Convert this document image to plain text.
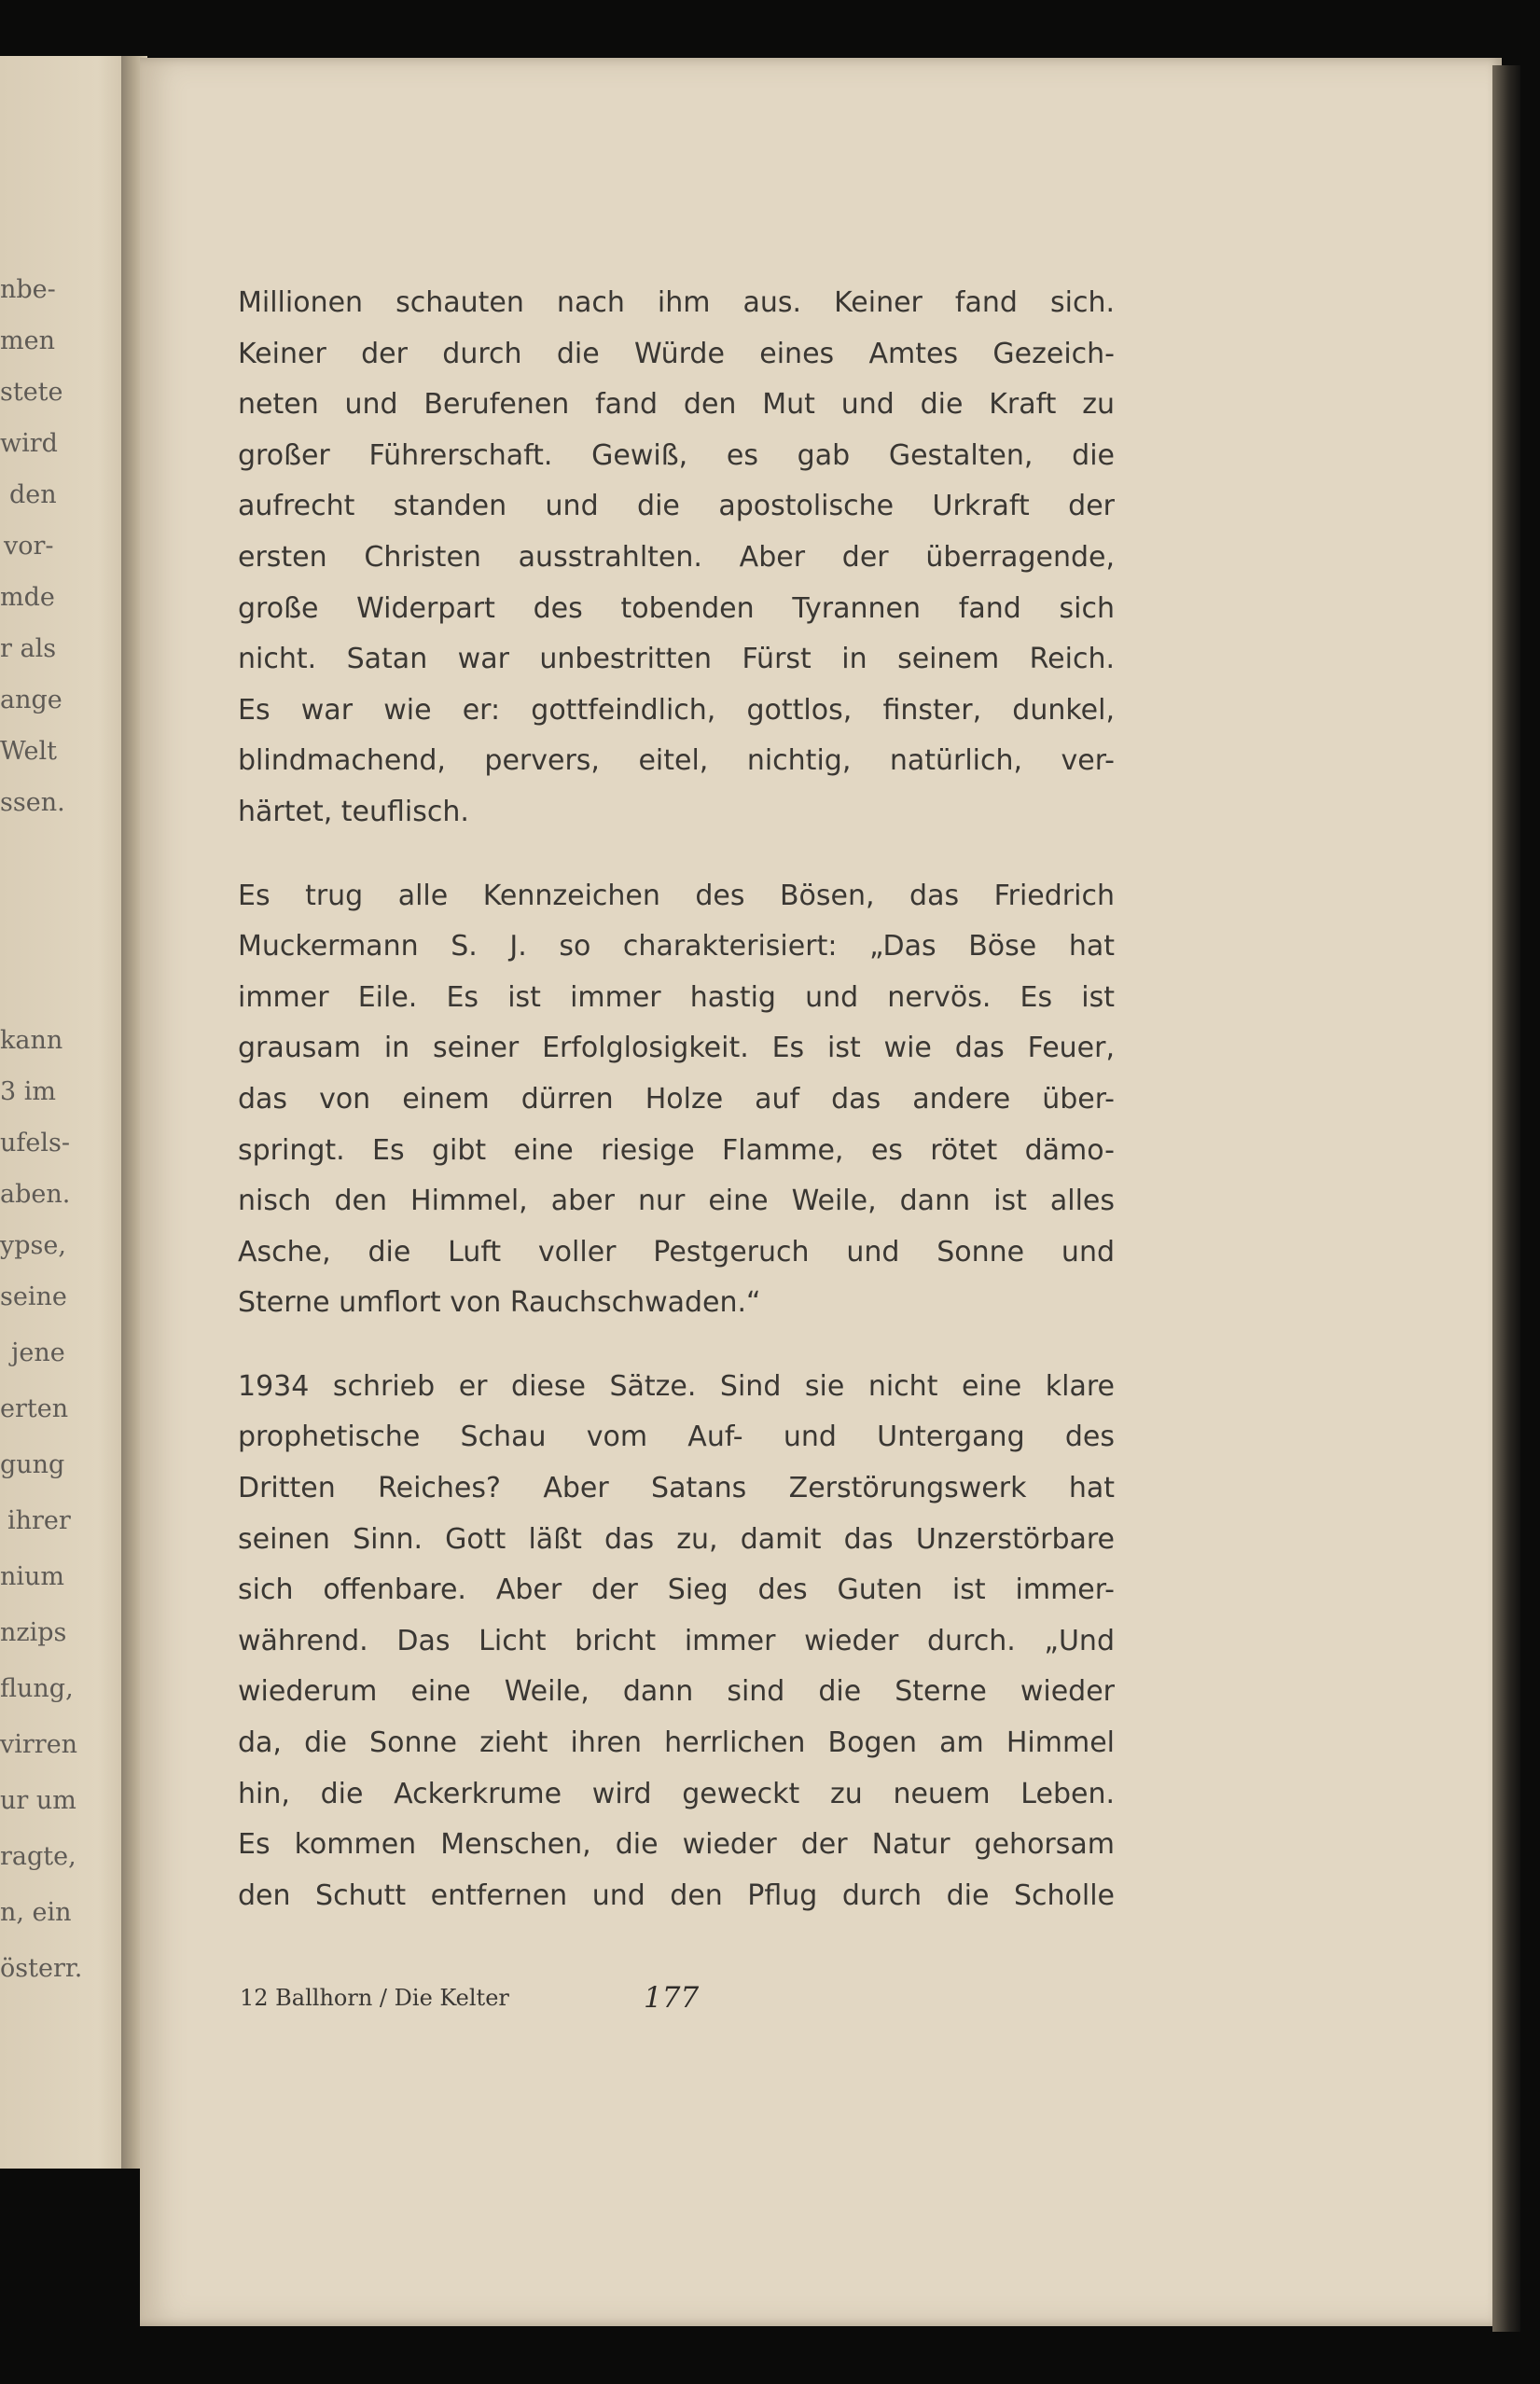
nbe-
men
stete
wird
den
vor-
mde
r als
ange
Welt
ssen.
kann
3 im
ufels-
aben.
ypse,
seine
jene
erten
gung
ihrer
nium
nzips
flung,
virren
ur um
ragte,
n, ein
österr.

Millionen schauten nach ihm aus. Keiner fand sich.
Keiner der durch die Würde eines Amtes Gezeich-
neten und Berufenen fand den Mut und die Kraft zu
großer Führerschaft. Gewiß, es gab Gestalten, die
aufrecht standen und die apostolische Urkraft der
ersten Christen ausstrahlten. Aber der überragende,
große Widerpart des tobenden Tyrannen fand sich
nicht. Satan war unbestritten Fürst in seinem Reich.
Es war wie er: gottfeindlich, gottlos, finster, dunkel,
blindmachend, pervers, eitel, nichtig, natürlich, ver-
härtet, teuflisch.

Es trug alle Kennzeichen des Bösen, das Friedrich
Muckermann S. J. so charakterisiert: „Das Böse hat
immer Eile. Es ist immer hastig und nervös. Es ist
grausam in seiner Erfolglosigkeit. Es ist wie das Feuer,
das von einem dürren Holze auf das andere über-
springt. Es gibt eine riesige Flamme, es rötet dämo-
nisch den Himmel, aber nur eine Weile, dann ist alles
Asche, die Luft voller Pestgeruch und Sonne und
Sterne umflort von Rauchschwaden.“

1934 schrieb er diese Sätze. Sind sie nicht eine klare
prophetische Schau vom Auf- und Untergang des
Dritten Reiches? Aber Satans Zerstörungswerk hat
seinen Sinn. Gott läßt das zu, damit das Unzerstörbare
sich offenbare. Aber der Sieg des Guten ist immer-
während. Das Licht bricht immer wieder durch. „Und
wiederum eine Weile, dann sind die Sterne wieder
da, die Sonne zieht ihren herrlichen Bogen am Himmel
hin, die Ackerkrume wird geweckt zu neuem Leben.
Es kommen Menschen, die wieder der Natur gehorsam
den Schutt entfernen und den Pflug durch die Scholle

12 Ballhorn / Die Kelter	177
